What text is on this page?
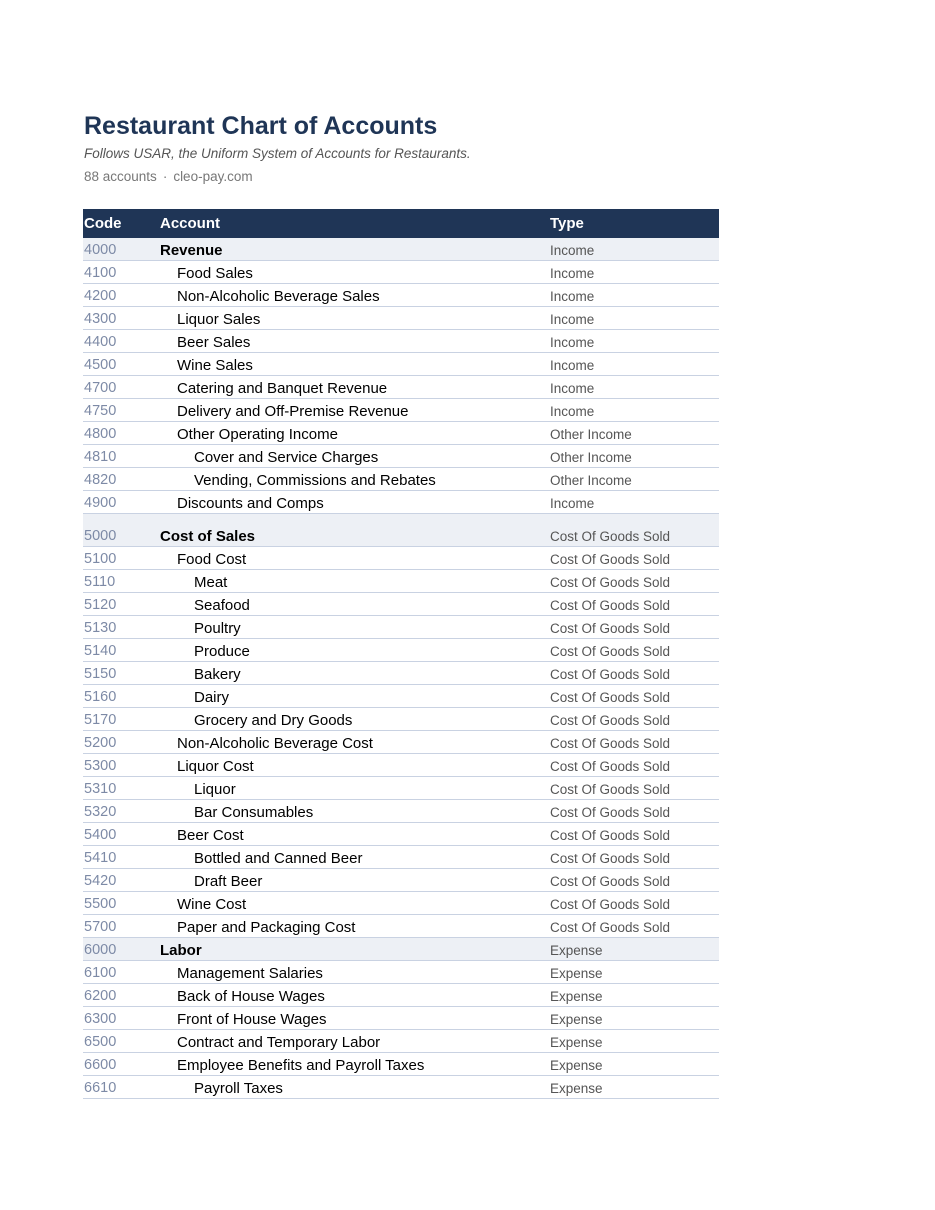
Restaurant Chart of Accounts
Follows USAR, the Uniform System of Accounts for Restaurants.
88 accounts · cleo-pay.com
Code	Account	Type
4000	Revenue	Income
4100	Food Sales	Income
4200	Non-Alcoholic Beverage Sales	Income
4300	Liquor Sales	Income
4400	Beer Sales	Income
4500	Wine Sales	Income
4700	Catering and Banquet Revenue	Income
4750	Delivery and Off-Premise Revenue	Income
4800	Other Operating Income	Other Income
4810	Cover and Service Charges	Other Income
4820	Vending, Commissions and Rebates	Other Income
4900	Discounts and Comps	Income
5000	Cost of Sales	Cost Of Goods Sold
5100	Food Cost	Cost Of Goods Sold
5110	Meat	Cost Of Goods Sold
5120	Seafood	Cost Of Goods Sold
5130	Poultry	Cost Of Goods Sold
5140	Produce	Cost Of Goods Sold
5150	Bakery	Cost Of Goods Sold
5160	Dairy	Cost Of Goods Sold
5170	Grocery and Dry Goods	Cost Of Goods Sold
5200	Non-Alcoholic Beverage Cost	Cost Of Goods Sold
5300	Liquor Cost	Cost Of Goods Sold
5310	Liquor	Cost Of Goods Sold
5320	Bar Consumables	Cost Of Goods Sold
5400	Beer Cost	Cost Of Goods Sold
5410	Bottled and Canned Beer	Cost Of Goods Sold
5420	Draft Beer	Cost Of Goods Sold
5500	Wine Cost	Cost Of Goods Sold
5700	Paper and Packaging Cost	Cost Of Goods Sold
6000	Labor	Expense
6100	Management Salaries	Expense
6200	Back of House Wages	Expense
6300	Front of House Wages	Expense
6500	Contract and Temporary Labor	Expense
6600	Employee Benefits and Payroll Taxes	Expense
6610	Payroll Taxes	Expense
